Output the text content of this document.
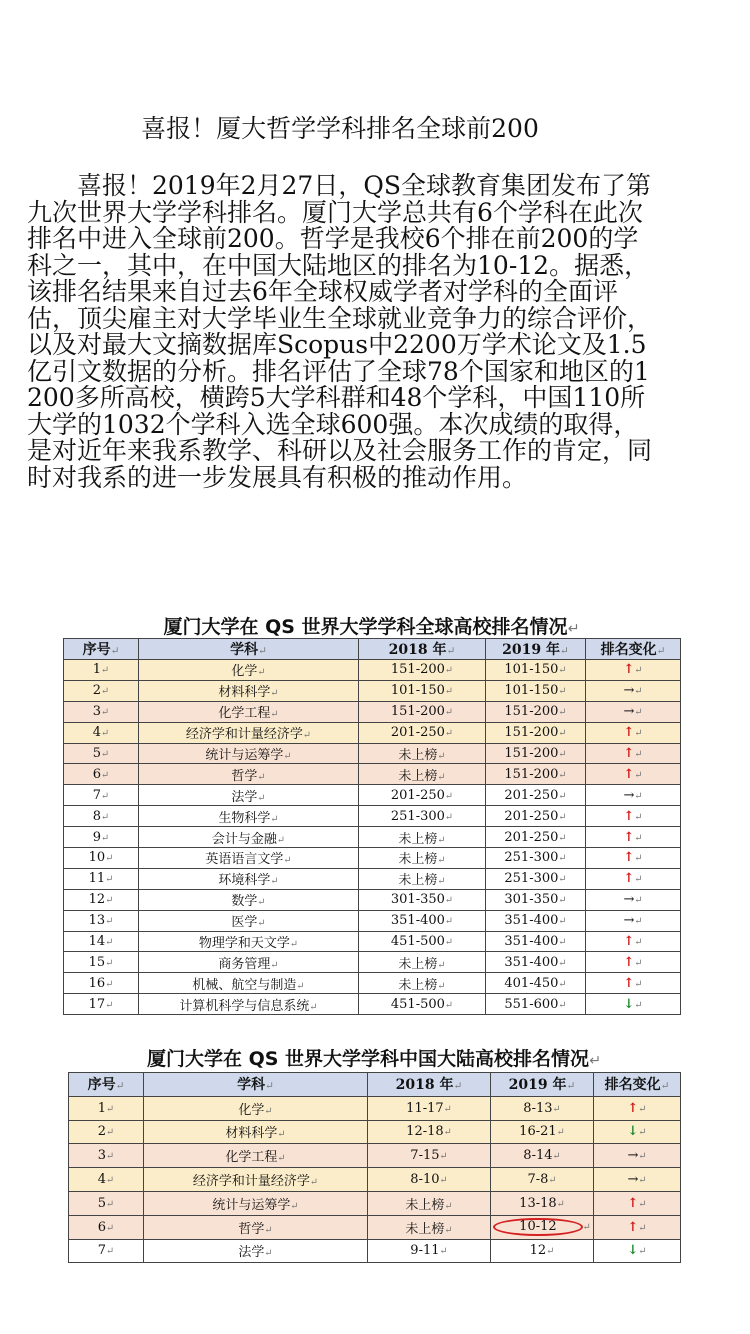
喜报！厦大哲学学科排名全球前200
喜报！2019年2月27日，QS全球教育集团发布了第九次世界大学学科排名。厦门大学总共有6个学科在此次排名中进入全球前200。哲学是我校6个排在前200的学科之一，其中，在中国大陆地区的排名为10-12。据悉，该排名结果来自过去6年全球权威学者对学科的全面评估，顶尖雇主对大学毕业生全球就业竞争力的综合评价，以及对最大文摘数据库Scopus中2200万学术论文及1.5亿引文数据的分析。排名评估了全球78个国家和地区的1200多所高校，横跨5大学科群和48个学科，中国110所大学的1032个学科入选全球600强。本次成绩的取得，是对近年来我系教学、科研以及社会服务工作的肯定，同时对我系的进一步发展具有积极的推动作用。
厦门大学在 QS 世界大学学科全球高校排名情况↵
序号↵	学科↵	2018 年↵	2019 年↵	排名变化↵
1↵	化学↵	151-200↵	101-150↵	↑↵
2↵	材料科学↵	101-150↵	101-150↵	→↵
3↵	化学工程↵	151-200↵	151-200↵	→↵
4↵	经济学和计量经济学↵	201-250↵	151-200↵	↑↵
5↵	统计与运筹学↵	未上榜↵	151-200↵	↑↵
6↵	哲学↵	未上榜↵	151-200↵	↑↵
7↵	法学↵	201-250↵	201-250↵	→↵
8↵	生物科学↵	251-300↵	201-250↵	↑↵
9↵	会计与金融↵	未上榜↵	201-250↵	↑↵
10↵	英语语言文学↵	未上榜↵	251-300↵	↑↵
11↵	环境科学↵	未上榜↵	251-300↵	↑↵
12↵	数学↵	301-350↵	301-350↵	→↵
13↵	医学↵	351-400↵	351-400↵	→↵
14↵	物理学和天文学↵	451-500↵	351-400↵	↑↵
15↵	商务管理↵	未上榜↵	351-400↵	↑↵
16↵	机械、航空与制造↵	未上榜↵	401-450↵	↑↵
17↵	计算机科学与信息系统↵	451-500↵	551-600↵	↓↵
厦门大学在 QS 世界大学学科中国大陆高校排名情况↵
序号↵	学科↵	2018 年↵	2019 年↵	排名变化↵
1↵	化学↵	11-17↵	8-13↵	↑↵
2↵	材料科学↵	12-18↵	16-21↵	↓↵
3↵	化学工程↵	7-15↵	8-14↵	→↵
4↵	经济学和计量经济学↵	8-10↵	7-8↵	→↵
5↵	统计与运筹学↵	未上榜↵	13-18↵	↑↵
6↵	哲学↵	未上榜↵	10-12 ↵	↑↵
7↵	法学↵	9-11↵	12↵	↓↵
